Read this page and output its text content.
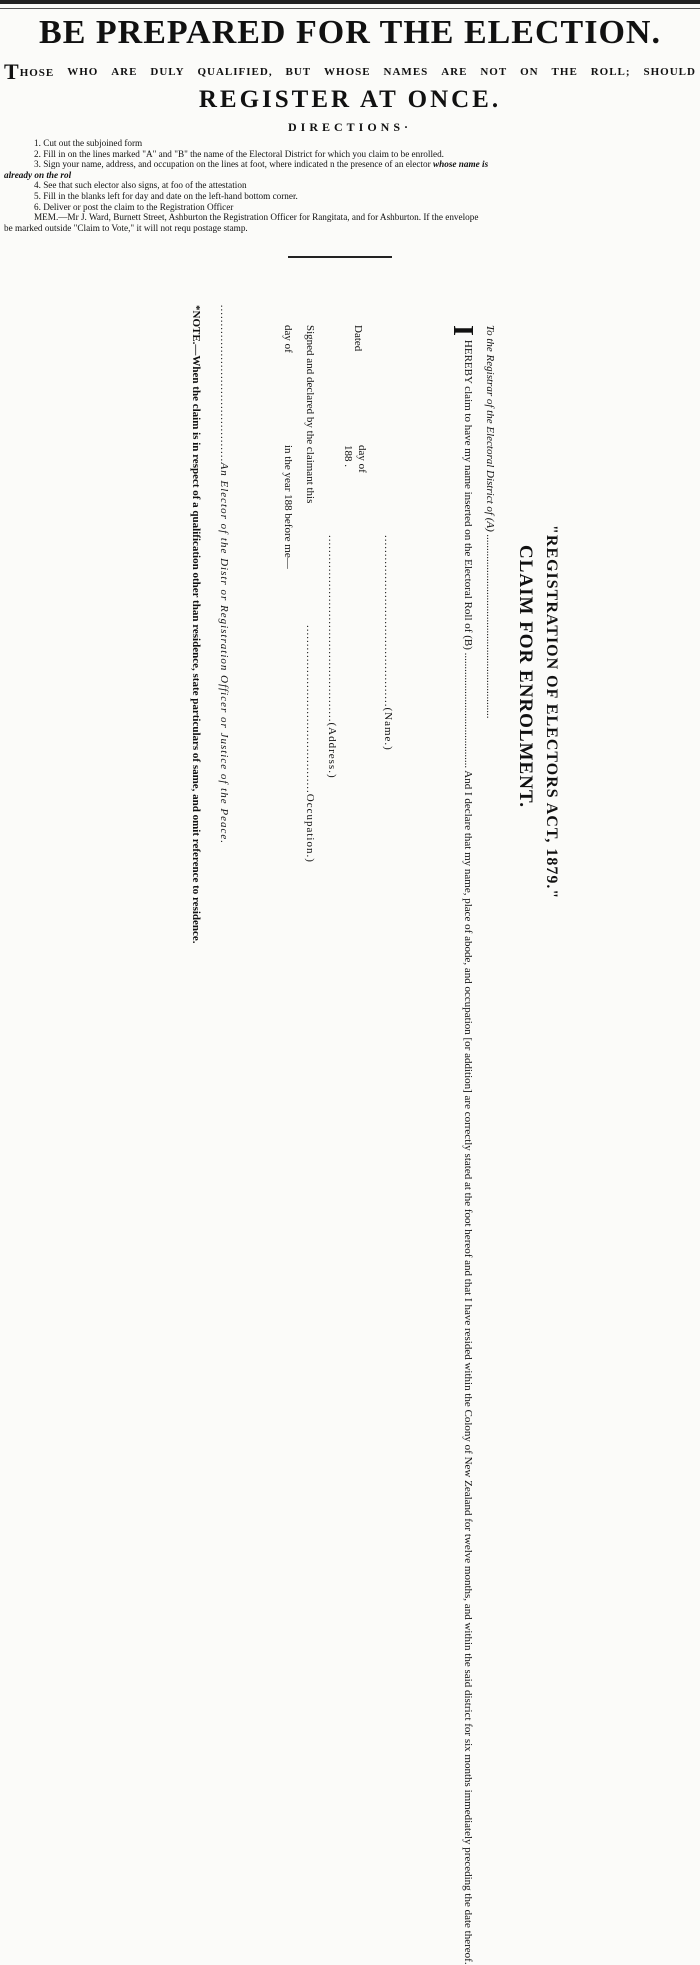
BE PREPARED FOR THE ELECTION.
THOSE WHO ARE DULY QUALIFIED, BUT WHOSE NAMES ARE NOT ON THE ROLL; SHOULD
REGISTER AT ONCE.
DIRECTIONS·
1. Cut out the subjoined form
2. Fill in on the lines marked "A" and "B" the name of the Electoral District for which you claim to be enrolled.
3. Sign your name, address, and occupation on the lines at foot, where indicated n the presence of an elector whose name is
already on the rol
4. See that such elector also signs, at foo of the attestation
5. Fill in the blanks left for day and date on the left-hand bottom corner.
6. Deliver or post the claim to the Registration Officer
MEM.—Mr J. Ward, Burnett Street, Ashburton the Registration Officer for Rangitata, and for Ashburton. If the envelope
be marked outside "Claim to Vote," it will not requ postage stamp.
"REGISTRATION OF ELECTORS ACT, 1879."
CLAIM FOR ENROLMENT.
To the Registrar of the Electoral District of (A) ...................................................................
I
HEREBY claim to have my name inserted on the Electoral Roll of (B) .......................................... And I declare that my name, place of abode, and occupation [or addition] are correctly stated at the foot hereof and that I have resided within the Colony of New Zealand for twelve months, and within the said district for six months immediately preceding the date thereof.
..............................................(Name.)
Dated
day of
188 .
..................................................(Address.)
Signed and declared by the claimant this
.............................................Occupation.)
day of
in the year 188 before me—
..........................................An Elector of the Distr or Registration Officer or Justice of the Peace.
*NOTE.—When the claim is in respect of a qualification other than residence, state particulars of same, and omit reference to residence.
